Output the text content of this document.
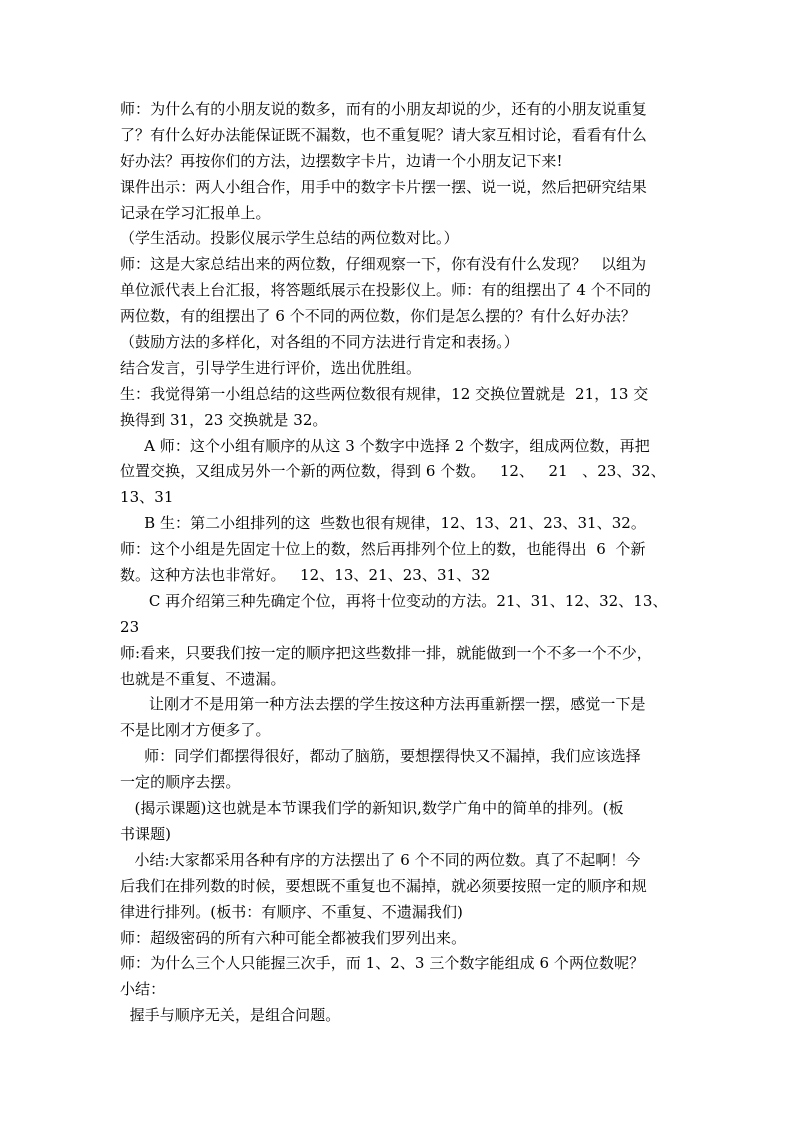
师：为什么有的小朋友说的数多，而有的小朋友却说的少，还有的小朋友说重复
了？有什么好办法能保证既不漏数，也不重复呢？请大家互相讨论，看看有什么
好办法？再按你们的方法，边摆数字卡片，边请一个小朋友记下来!
课件出示：两人小组合作，用手中的数字卡片摆一摆、说一说，然后把研究结果
记录在学习汇报单上。
（学生活动。投影仪展示学生总结的两位数对比。）
师：这是大家总结出来的两位数，仔细观察一下，你有没有什么发现？   以组为
单位派代表上台汇报，将答题纸展示在投影仪上。师：有的组摆出了 4 个不同的
两位数，有的组摆出了 6 个不同的两位数，你们是怎么摆的？有什么好办法？
（鼓励方法的多样化，对各组的不同方法进行肯定和表扬。）
结合发言，引导学生进行评价，选出优胜组。
生：我觉得第一小组总结的这些两位数很有规律，12 交换位置就是  21，13 交
换得到 31，23 交换就是 32。
A 师：这个小组有顺序的从这 3 个数字中选择 2 个数字，组成两位数，再把
位置交换，又组成另外一个新的两位数，得到 6 个数。   12、   21   、23、32、
13、31
B 生：第二小组排列的这  些数也很有规律，12、13、21、23、31、32。
师：这个小组是先固定十位上的数，然后再排列个位上的数，也能得出  6  个新
数。这种方法也非常好。   12、13、21、23、31、32
C 再介绍第三种先确定个位，再将十位变动的方法。21、31、12、32、13、
23
师:看来，只要我们按一定的顺序把这些数排一排，就能做到一个不多一个不少，
也就是不重复、不遗漏。
让刚才不是用第一种方法去摆的学生按这种方法再重新摆一摆，感觉一下是
不是比刚才方便多了。
师：同学们都摆得很好，都动了脑筋，要想摆得快又不漏掉，我们应该选择
一定的顺序去摆。
(揭示课题)这也就是本节课我们学的新知识,数学广角中的简单的排列。(板
书课题)
小结:大家都采用各种有序的方法摆出了 6 个不同的两位数。真了不起啊！今
后我们在排列数的时候，要想既不重复也不漏掉，就必须要按照一定的顺序和规
律进行排列。(板书：有顺序、不重复、不遗漏我们)
师：超级密码的所有六种可能全都被我们罗列出来。
师：为什么三个人只能握三次手，而 1、2、3 三个数字能组成 6 个两位数呢？
小结：
握手与顺序无关，是组合问题。
